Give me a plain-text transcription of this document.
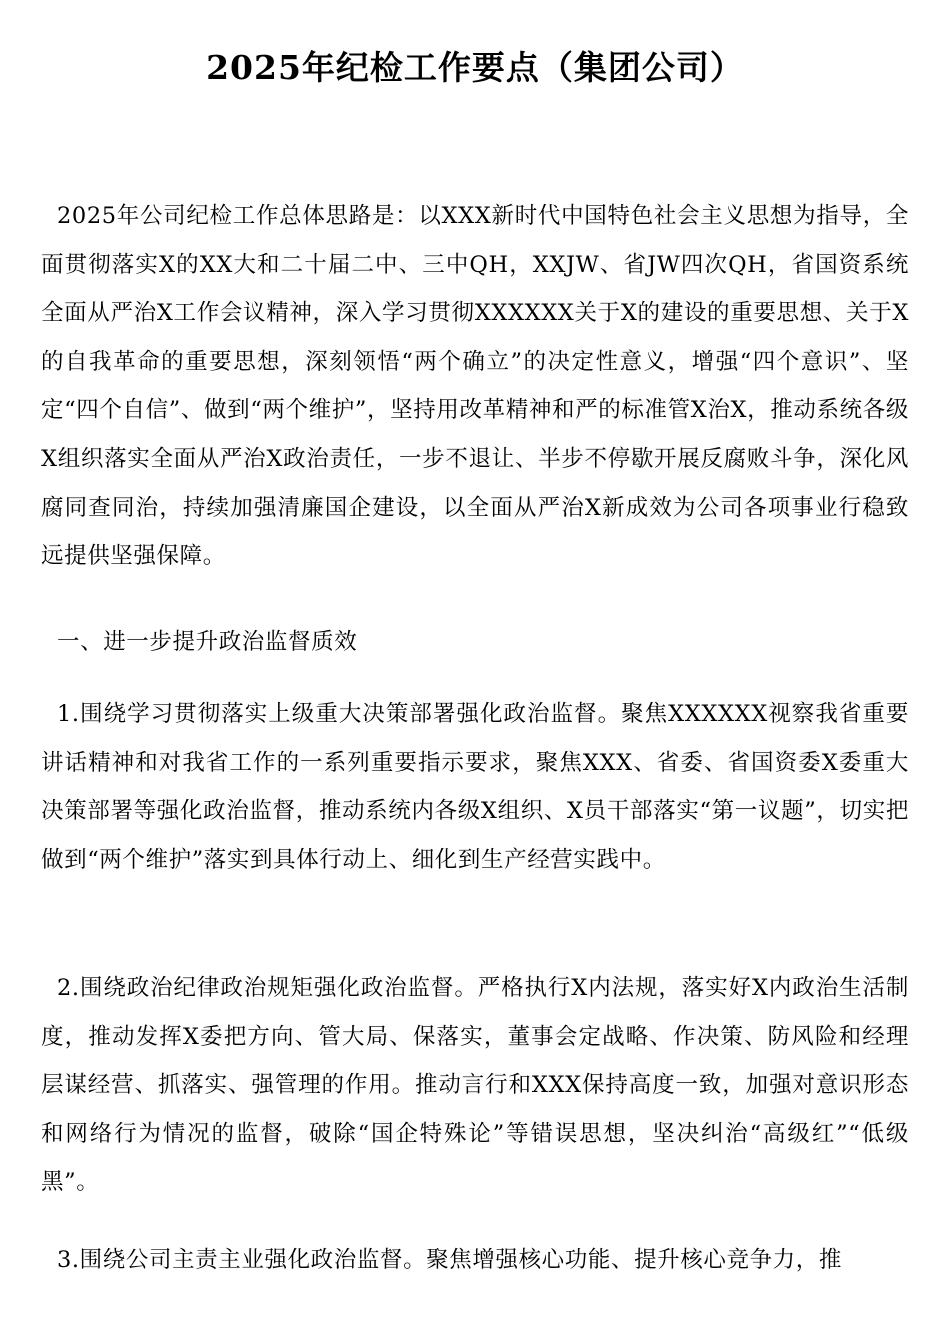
2025年纪检工作要点（集团公司）

2025年公司纪检工作总体思路是：以XXX新时代中国特色社会主义思想为指导，全面贯彻落实X的XX大和二十届二中、三中QH，XXJW、省JW四次QH，省国资系统全面从严治X工作会议精神，深入学习贯彻XXXXXX关于X的建设的重要思想、关于X的自我革命的重要思想，深刻领悟“两个确立”的决定性意义，增强“四个意识”、坚定“四个自信”、做到“两个维护”，坚持用改革精神和严的标准管X治X，推动系统各级X组织落实全面从严治X政治责任，一步不退让、半步不停歇开展反腐败斗争，深化风腐同查同治，持续加强清廉国企建设，以全面从严治X新成效为公司各项事业行稳致远提供坚强保障。

一、进一步提升政治监督质效

1.围绕学习贯彻落实上级重大决策部署强化政治监督。聚焦XXXXXX视察我省重要讲话精神和对我省工作的一系列重要指示要求，聚焦XXX、省委、省国资委X委重大决策部署等强化政治监督，推动系统内各级X组织、X员干部落实“第一议题”，切实把做到“两个维护”落实到具体行动上、细化到生产经营实践中。

2.围绕政治纪律政治规矩强化政治监督。严格执行X内法规，落实好X内政治生活制度，推动发挥X委把方向、管大局、保落实，董事会定战略、作决策、防风险和经理层谋经营、抓落实、强管理的作用。推动言行和XXX保持高度一致，加强对意识形态和网络行为情况的监督，破除“国企特殊论”等错误思想，坚决纠治“高级红”“低级黑”。

3.围绕公司主责主业强化政治监督。聚焦增强核心功能、提升核心竞争力，推
